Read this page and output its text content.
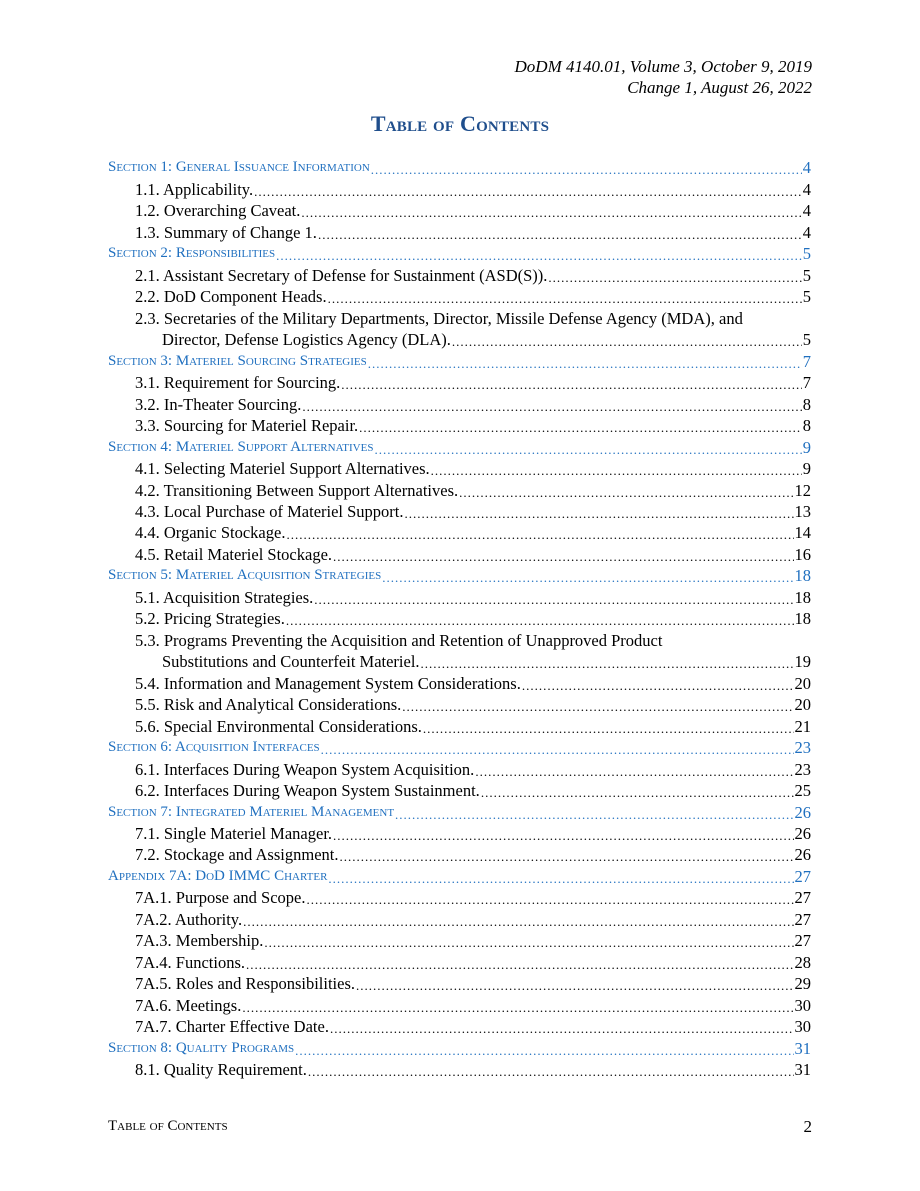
DoDM 4140.01, Volume 3, October 9, 2019
Change 1, August 26, 2022
Table of Contents
Section 1: General Issuance Information .....	4
1.1. Applicability. .....	4
1.2. Overarching Caveat. .....	4
1.3. Summary of Change 1. .....	4
Section 2: Responsibilities .....	5
2.1. Assistant Secretary of Defense for Sustainment (ASD(S)). .....	5
2.2. DoD Component Heads. .....	5
2.3. Secretaries of the Military Departments, Director, Missile Defense Agency (MDA), and
Director, Defense Logistics Agency (DLA). .....	5
Section 3: Materiel Sourcing Strategies .....	7
3.1. Requirement for Sourcing. .....	7
3.2. In-Theater Sourcing. .....	8
3.3. Sourcing for Materiel Repair. .....	8
Section 4: Materiel Support Alternatives .....	9
4.1. Selecting Materiel Support Alternatives. .....	9
4.2. Transitioning Between Support Alternatives. .....	12
4.3. Local Purchase of Materiel Support. .....	13
4.4. Organic Stockage. .....	14
4.5. Retail Materiel Stockage. .....	16
Section 5: Materiel Acquisition Strategies .....	18
5.1. Acquisition Strategies. .....	18
5.2. Pricing Strategies. .....	18
5.3. Programs Preventing the Acquisition and Retention of Unapproved Product
Substitutions and Counterfeit Materiel. .....	19
5.4. Information and Management System Considerations. .....	20
5.5. Risk and Analytical Considerations. .....	20
5.6. Special Environmental Considerations. .....	21
Section 6: Acquisition Interfaces .....	23
6.1. Interfaces During Weapon System Acquisition. .....	23
6.2. Interfaces During Weapon System Sustainment. .....	25
Section 7: Integrated Materiel Management .....	26
7.1. Single Materiel Manager. .....	26
7.2. Stockage and Assignment. .....	26
Appendix 7A: DoD IMMC Charter .....	27
7A.1. Purpose and Scope. .....	27
7A.2. Authority. .....	27
7A.3. Membership. .....	27
7A.4. Functions. .....	28
7A.5. Roles and Responsibilities. .....	29
7A.6. Meetings. .....	30
7A.7. Charter Effective Date. .....	30
Section 8: Quality Programs .....	31
8.1. Quality Requirement. .....	31
Table of Contents	2
